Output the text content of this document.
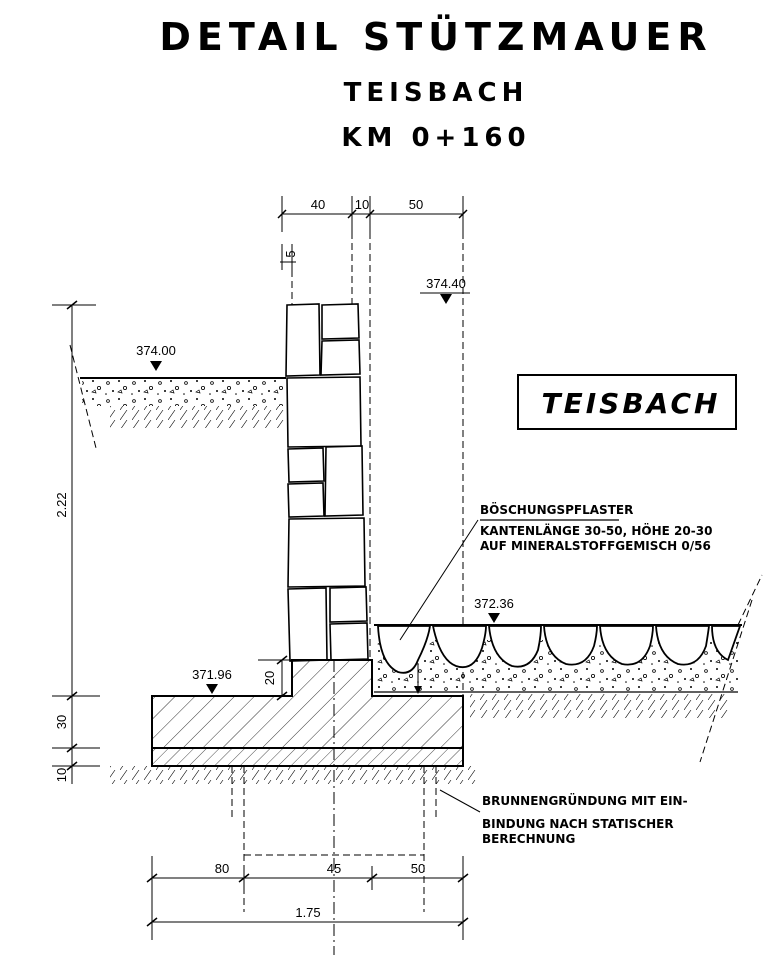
DETAIL STÜTZMAUER
TEISBACH
KM 0+160
TEISBACH
40 10	50
5
374.00
374.40
372.36
371.96
2.22
30
10
20
80	45	50
1.75
BÖSCHUNGSPFLASTER
KANTENLÄNGE 30-50, HÖHE 20-30
AUF MINERALSTOFFGEMISCH 0/56
BRUNNENGRÜNDUNG MIT EIN-
BINDUNG NACH STATISCHER
BERECHNUNG
